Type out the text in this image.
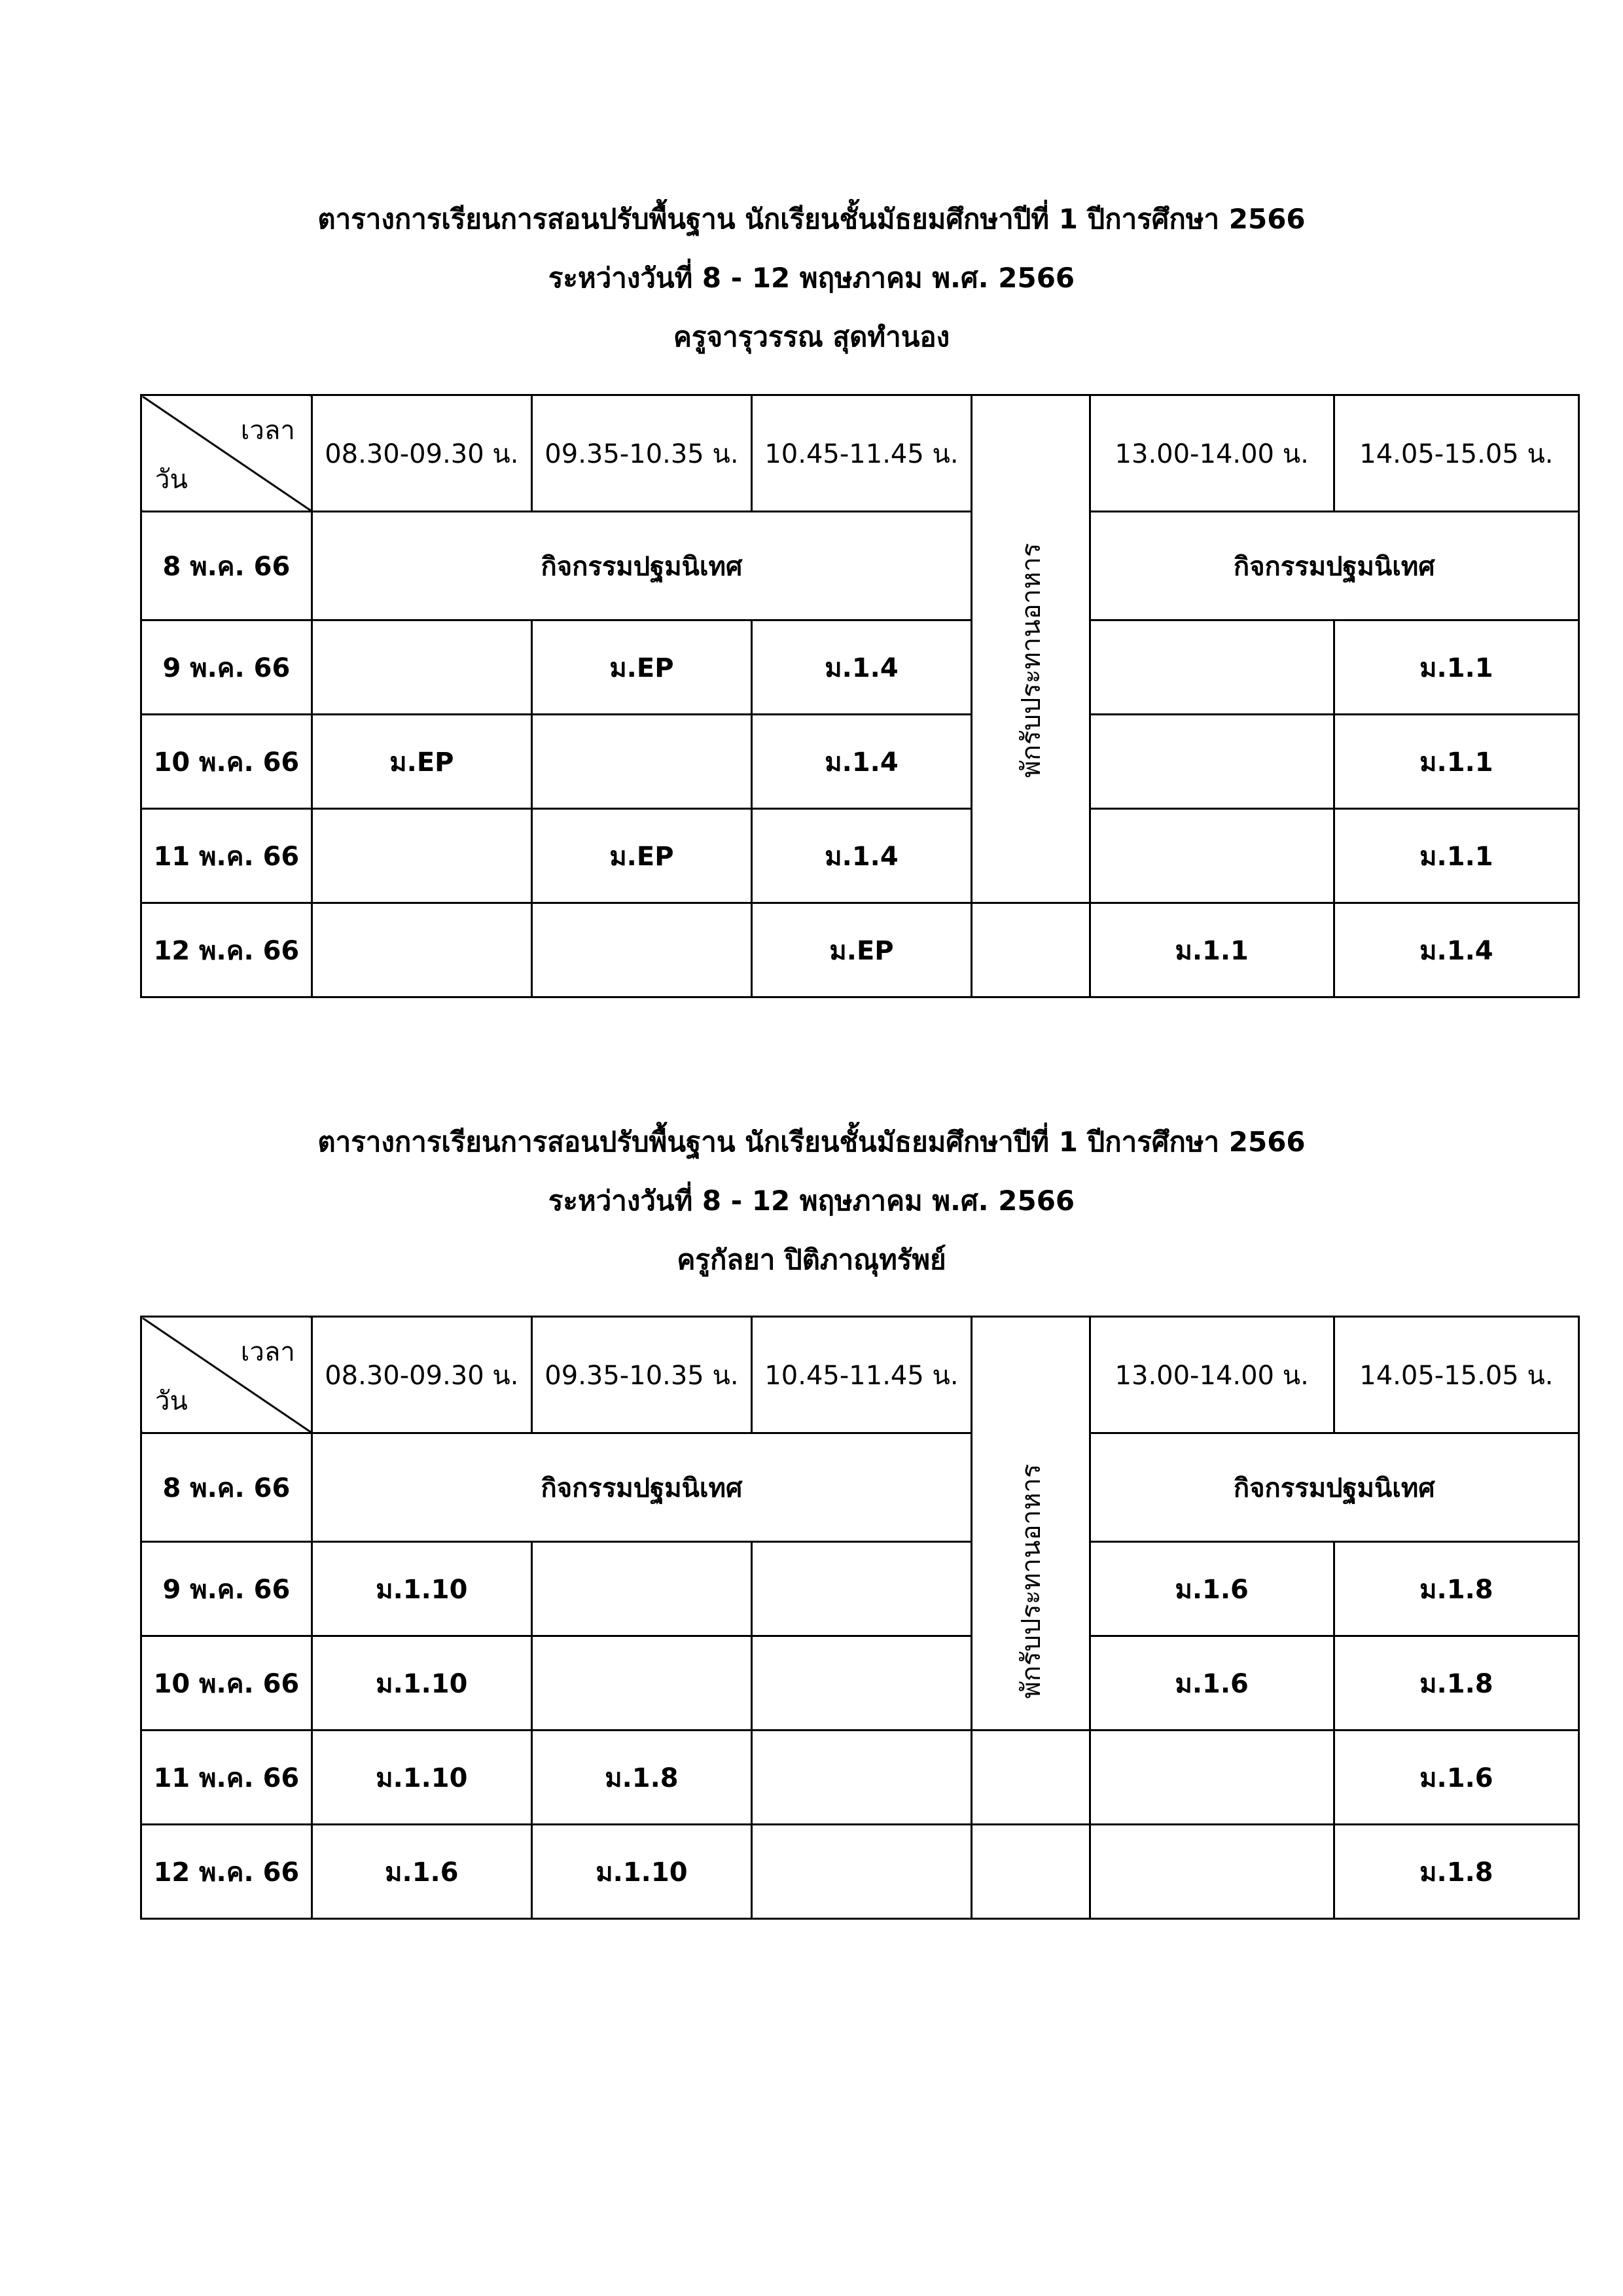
ตารางการเรียนการสอนปรับพื้นฐาน นักเรียนชั้นมัธยมศึกษาปีที่ 1 ปีการศึกษา 2566
ระหว่างวันที่ 8 - 12 พฤษภาคม พ.ศ. 2566
ครูจารุวรรณ สุดทำนอง
เวลา
วัน	08.30-09.30 น.	09.35-10.35 น.	10.45-11.45 น.		13.00-14.00 น.	14.05-15.05 น.
8 พ.ค. 66	กิจกรรมปฐมนิเทศ			พักรับประทานอาหาร	กิจกรรมปฐมนิเทศ	
9 พ.ค. 66		ม.EP	ม.1.4			ม.1.1
10 พ.ค. 66	ม.EP		ม.1.4			ม.1.1
11 พ.ค. 66		ม.EP	ม.1.4			ม.1.1
12 พ.ค. 66			ม.EP		ม.1.1	ม.1.4
ตารางการเรียนการสอนปรับพื้นฐาน นักเรียนชั้นมัธยมศึกษาปีที่ 1 ปีการศึกษา 2566
ระหว่างวันที่ 8 - 12 พฤษภาคม พ.ศ. 2566
ครูกัลยา ปิติภาณุทรัพย์
เวลา
วัน	08.30-09.30 น.	09.35-10.35 น.	10.45-11.45 น.		13.00-14.00 น.	14.05-15.05 น.
8 พ.ค. 66	กิจกรรมปฐมนิเทศ			พักรับประทานอาหาร	กิจกรรมปฐมนิเทศ	
9 พ.ค. 66	ม.1.10				ม.1.6	ม.1.8
10 พ.ค. 66	ม.1.10				ม.1.6	ม.1.8
11 พ.ค. 66	ม.1.10	ม.1.8				ม.1.6
12 พ.ค. 66	ม.1.6	ม.1.10				ม.1.8
